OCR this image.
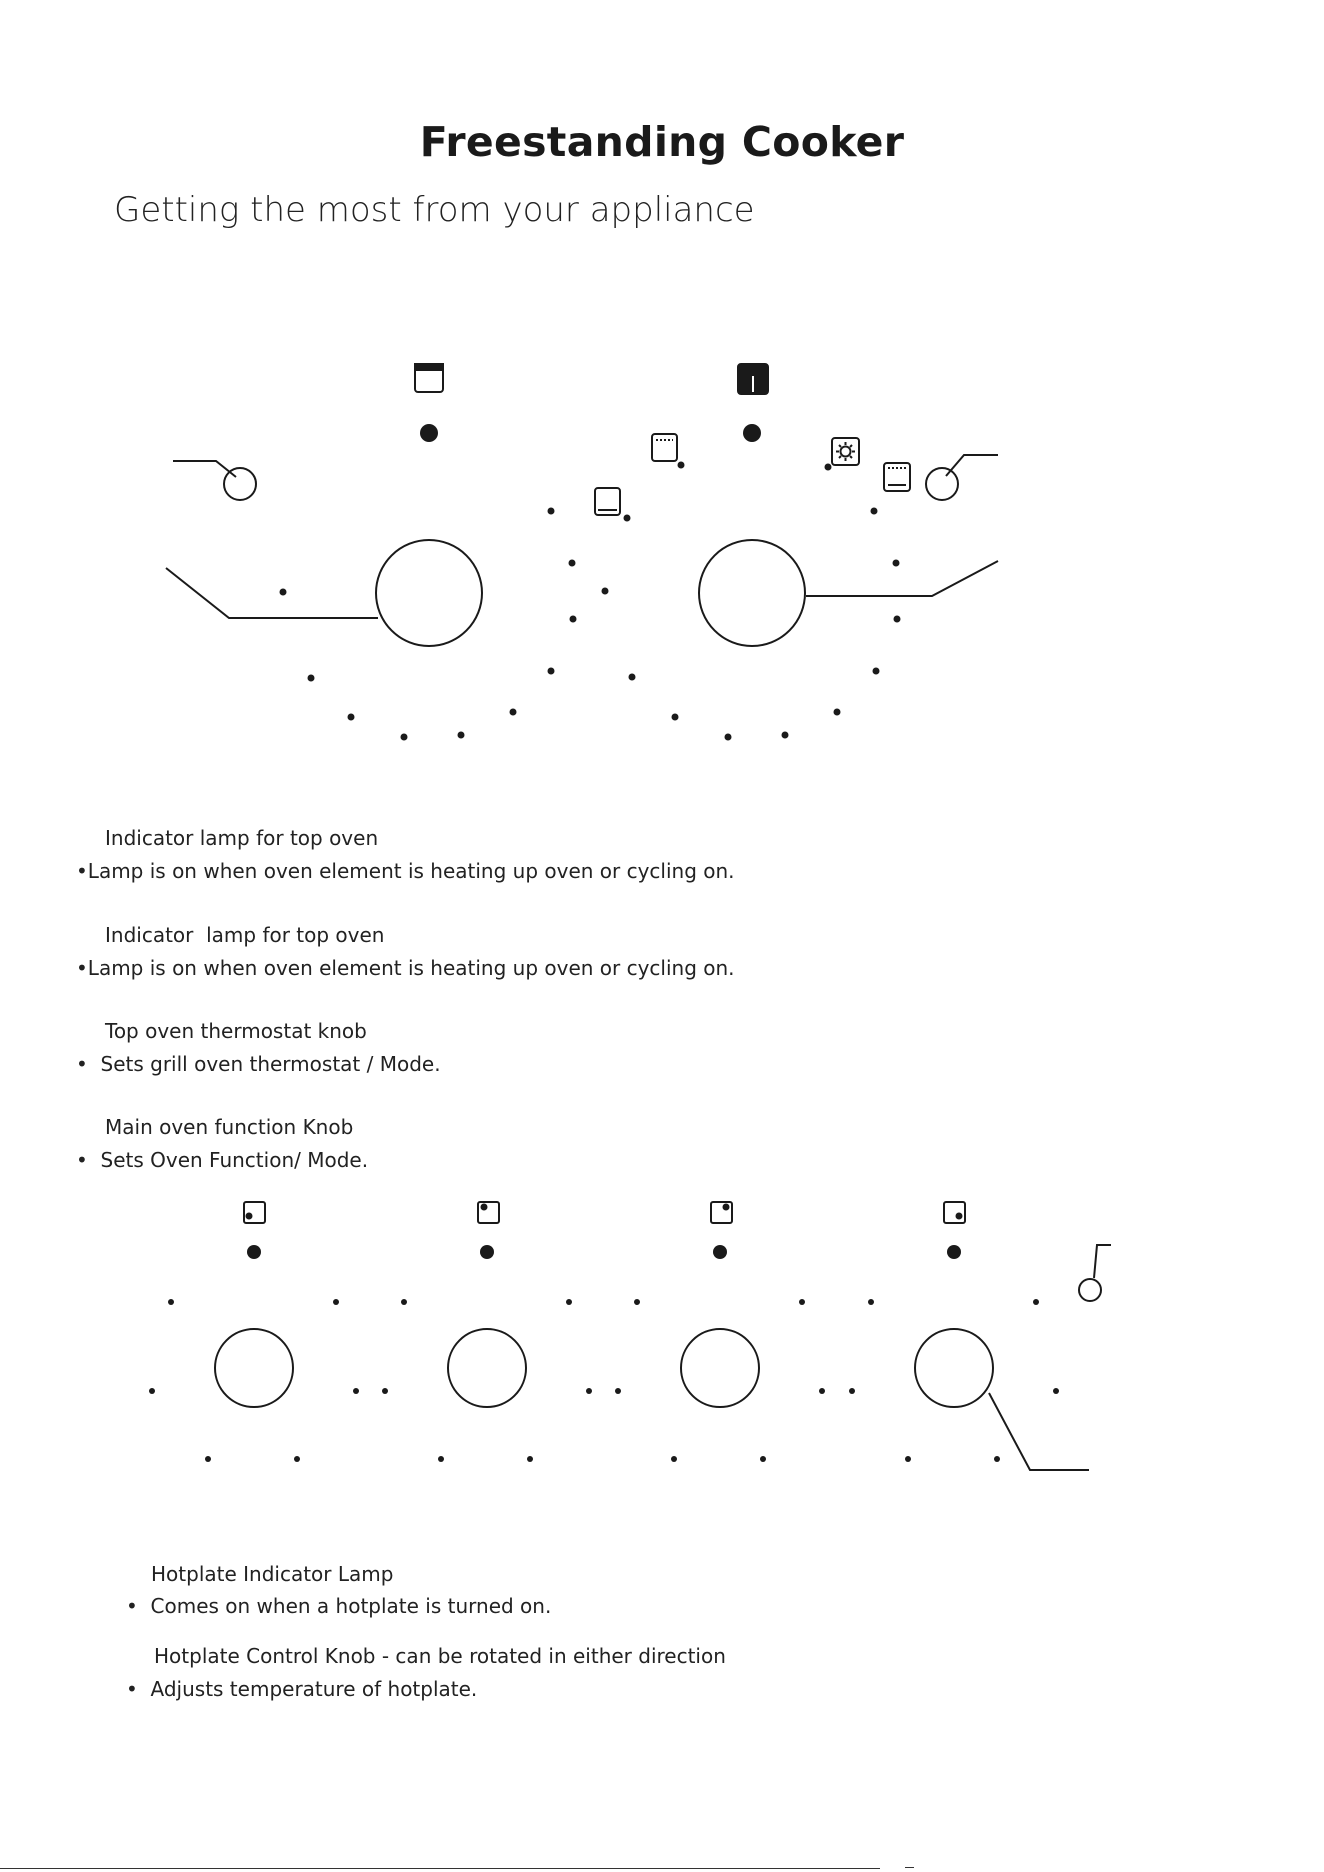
Freestanding Cooker
Getting the most from your appliance
Indicator lamp for top oven
•Lamp is on when oven element is heating up oven or cycling on.
Indicator  lamp for top oven
•Lamp is on when oven element is heating up oven or cycling on.
Top oven thermostat knob
•  Sets grill oven thermostat / Mode.
Main oven function Knob
•  Sets Oven Function/ Mode.
Hotplate Indicator Lamp
•  Comes on when a hotplate is turned on.
Hotplate Control Knob - can be rotated in either direction
•  Adjusts temperature of hotplate.
